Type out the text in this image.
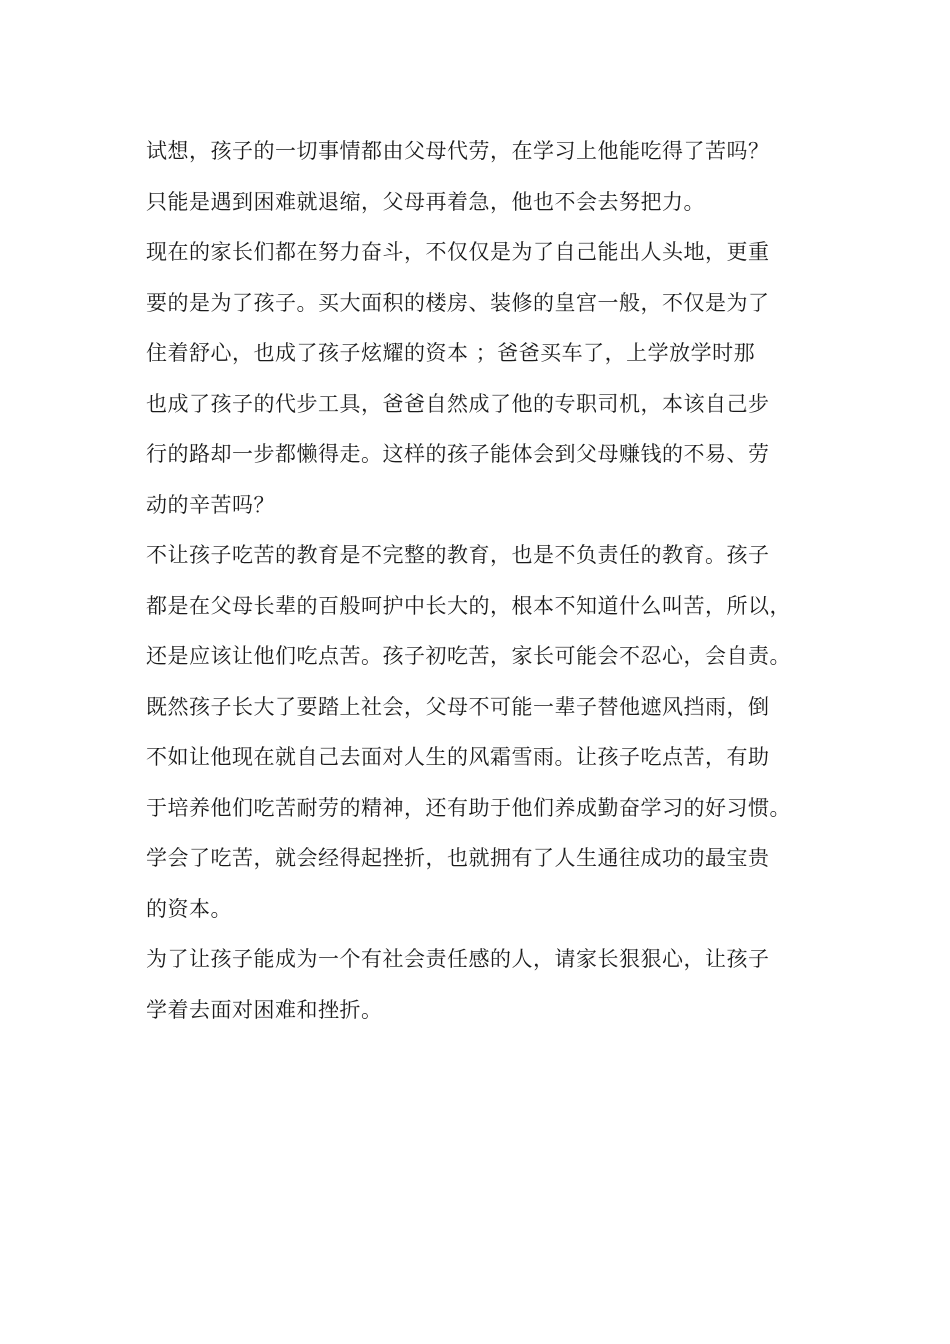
试想，孩子的一切事情都由父母代劳，在学习上他能吃得了苦吗？
只能是遇到困难就退缩，父母再着急，他也不会去努把力。
现在的家长们都在努力奋斗，不仅仅是为了自己能出人头地，更重
要的是为了孩子。买大面积的楼房、装修的皇宫一般，不仅是为了
住着舒心，也成了孩子炫耀的资本 ；爸爸买车了，上学放学时那
也成了孩子的代步工具，爸爸自然成了他的专职司机，本该自己步
行的路却一步都懒得走。这样的孩子能体会到父母赚钱的不易、劳
动的辛苦吗？
不让孩子吃苦的教育是不完整的教育，也是不负责任的教育。孩子
都是在父母长辈的百般呵护中长大的，根本不知道什么叫苦，所以，
还是应该让他们吃点苦。孩子初吃苦，家长可能会不忍心，会自责。
既然孩子长大了要踏上社会，父母不可能一辈子替他遮风挡雨，倒
不如让他现在就自己去面对人生的风霜雪雨。让孩子吃点苦，有助
于培养他们吃苦耐劳的精神，还有助于他们养成勤奋学习的好习惯。
学会了吃苦，就会经得起挫折，也就拥有了人生通往成功的最宝贵
的资本。
为了让孩子能成为一个有社会责任感的人，请家长狠狠心，让孩子
学着去面对困难和挫折。
